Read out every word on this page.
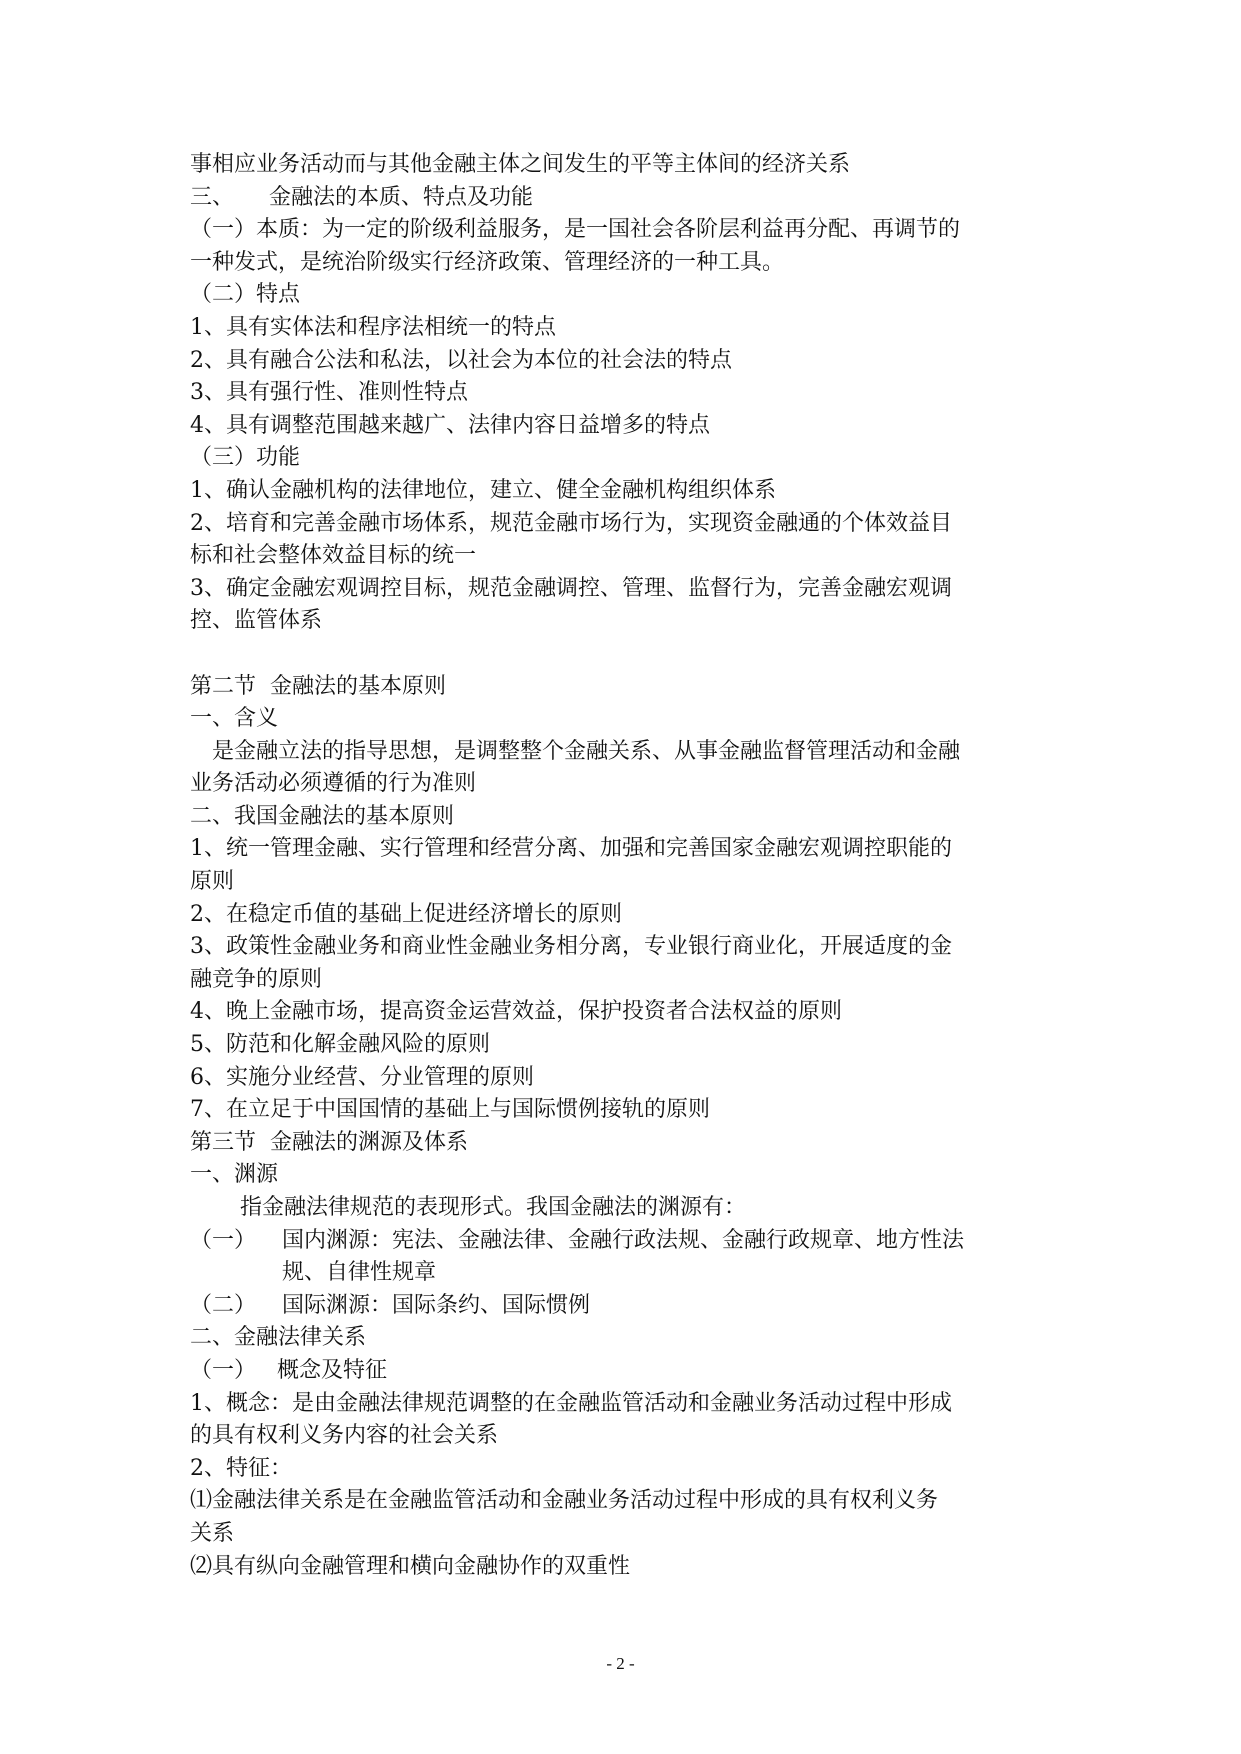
事相应业务活动而与其他金融主体之间发生的平等主体间的经济关系
三、     金融法的本质、特点及功能
（一）本质：为一定的阶级利益服务，是一国社会各阶层利益再分配、再调节的
一种发式，是统治阶级实行经济政策、管理经济的一种工具。
（二）特点
1、具有实体法和程序法相统一的特点
2、具有融合公法和私法，以社会为本位的社会法的特点
3、具有强行性、准则性特点
4、具有调整范围越来越广、法律内容日益增多的特点
（三）功能
1、确认金融机构的法律地位，建立、健全金融机构组织体系
2、培育和完善金融市场体系，规范金融市场行为，实现资金融通的个体效益目
标和社会整体效益目标的统一
3、确定金融宏观调控目标，规范金融调控、管理、监督行为，完善金融宏观调
控、监管体系
第二节  金融法的基本原则
一、含义
是金融立法的指导思想，是调整整个金融关系、从事金融监督管理活动和金融
业务活动必须遵循的行为准则
二、我国金融法的基本原则
1、统一管理金融、实行管理和经营分离、加强和完善国家金融宏观调控职能的
原则
2、在稳定币值的基础上促进经济增长的原则
3、政策性金融业务和商业性金融业务相分离，专业银行商业化，开展适度的金
融竞争的原则
4、晚上金融市场，提高资金运营效益，保护投资者合法权益的原则
5、防范和化解金融风险的原则
6、实施分业经营、分业管理的原则
7、在立足于中国国情的基础上与国际惯例接轨的原则
第三节  金融法的渊源及体系
一、渊源
指金融法律规范的表现形式。我国金融法的渊源有：
（一）	国内渊源：宪法、金融法律、金融行政法规、金融行政规章、地方性法
规、自律性规章
（二）	国际渊源：国际条约、国际惯例
二、金融法律关系
（一）   概念及特征
1、概念：是由金融法律规范调整的在金融监管活动和金融业务活动过程中形成
的具有权利义务内容的社会关系
2、特征：
⑴金融法律关系是在金融监管活动和金融业务活动过程中形成的具有权利义务
关系
⑵具有纵向金融管理和横向金融协作的双重性
- 2 -
